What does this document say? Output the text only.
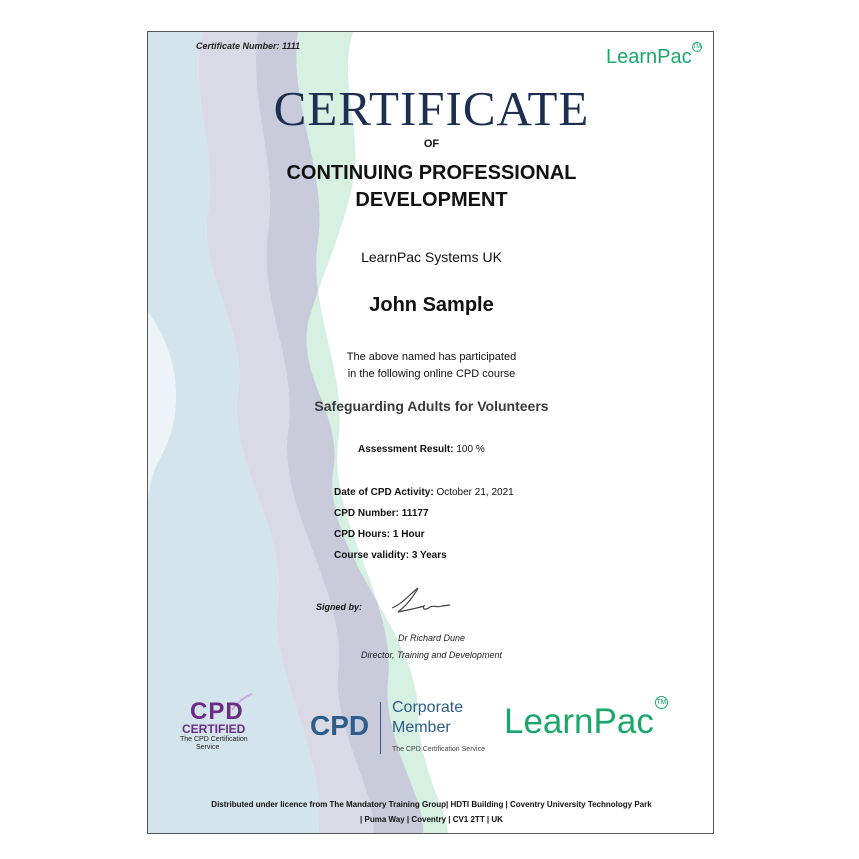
Certificate Number: 1111	LearnPac TM
CERTIFICATE
OF
CONTINUING PROFESSIONAL
DEVELOPMENT
LearnPac Systems UK
John Sample
The above named has participated
in the following online CPD course
Safeguarding Adults for Volunteers
Assessment Result: 100 %
Date of CPD Activity: October 21, 2021
CPD Number: 11177
CPD Hours: 1 Hour
Course validity: 3 Years
Signed by:
Dr Richard Dune
Director, Training and Development
CPD
CERTIFIED
The CPD Certification
Service
CPD
Corporate
Member
The CPD Certification Service
LearnPac TM
Distributed under licence from The Mandatory Training Group| HDTI Building | Coventry University Technology Park
| Puma Way | Coventry | CV1 2TT | UK
